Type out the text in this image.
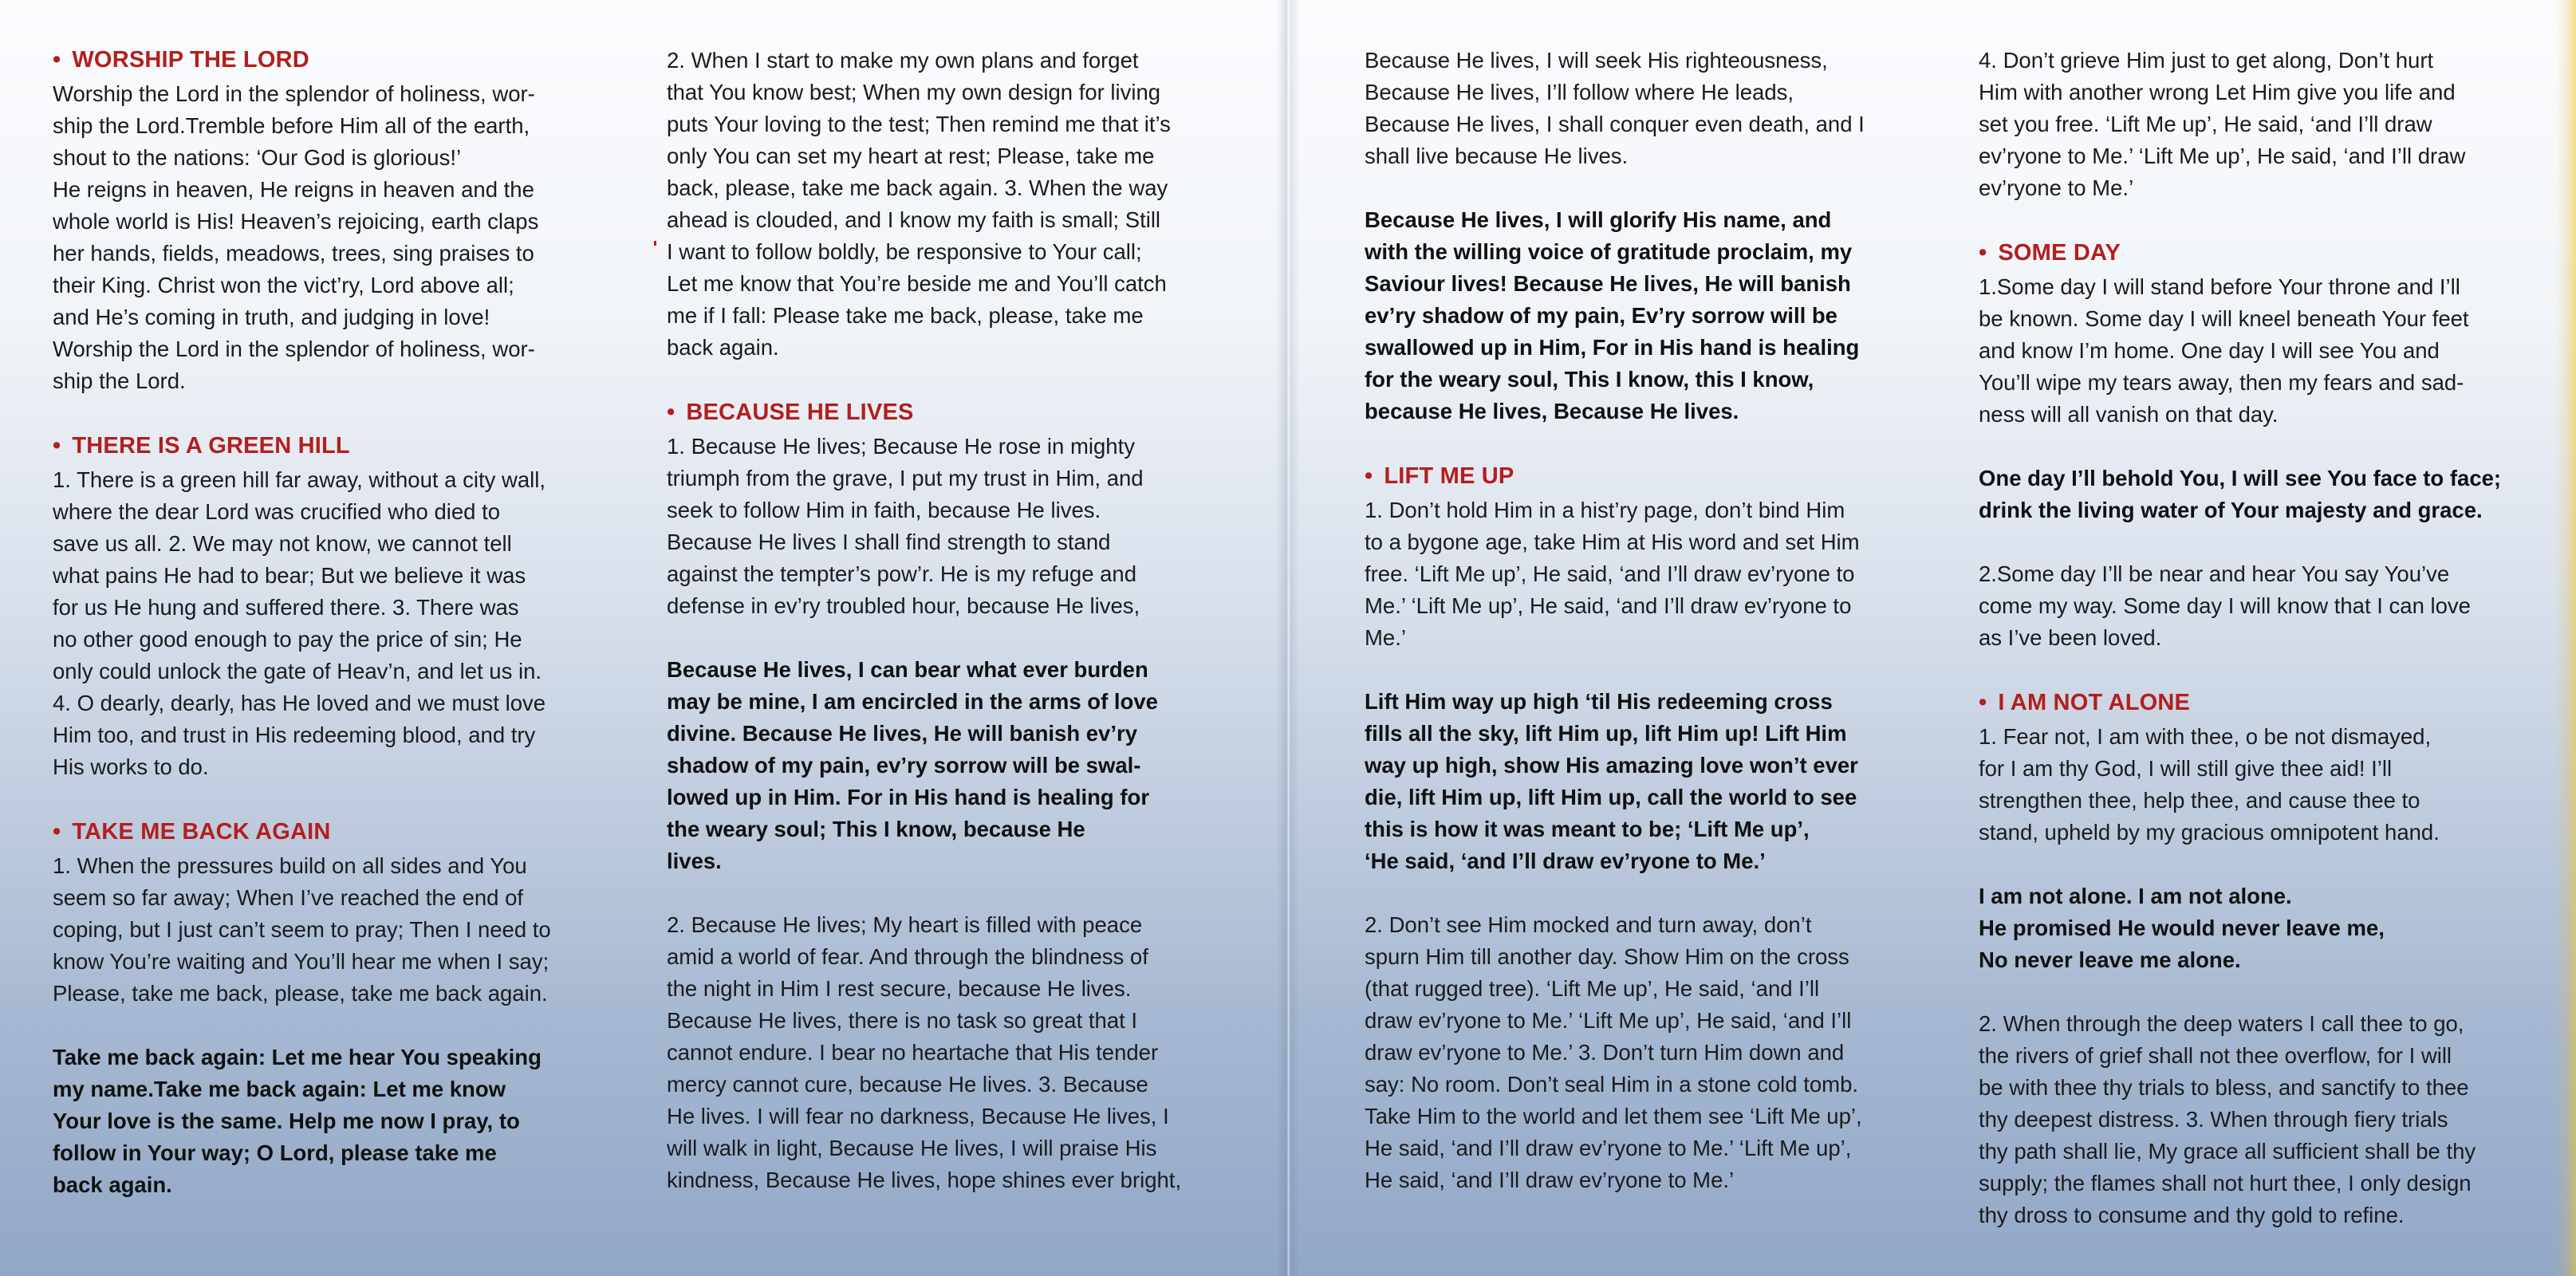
• WORSHIP THE LORD

Worship the Lord in the splendor of holiness, wor-
ship the Lord.Tremble before Him all of the earth,
shout to the nations: ‘Our God is glorious!’
He reigns in heaven, He reigns in heaven and the
whole world is His! Heaven’s rejoicing, earth claps
her hands, fields, meadows, trees, sing praises to
their King. Christ won the vict’ry, Lord above all;
and He’s coming in truth, and judging in love!
Worship the Lord in the splendor of holiness, wor-
ship the Lord.

• THERE IS A GREEN HILL

1. There is a green hill far away, without a city wall,
where the dear Lord was crucified who died to
save us all. 2. We may not know, we cannot tell
what pains He had to bear; But we believe it was
for us He hung and suffered there. 3. There was
no other good enough to pay the price of sin; He
only could unlock the gate of Heav’n, and let us in.
4. O dearly, dearly, has He loved and we must love
Him too, and trust in His redeeming blood, and try
His works to do.

• TAKE ME BACK AGAIN

1. When the pressures build on all sides and You
seem so far away; When I’ve reached the end of
coping, but I just can’t seem to pray; Then I need to
know You’re waiting and You’ll hear me when I say;
Please, take me back, please, take me back again.

Take me back again: Let me hear You speaking
my name.Take me back again: Let me know
Your love is the same. Help me now I pray, to
follow in Your way; O Lord, please take me
back again.

2. When I start to make my own plans and forget
that You know best; When my own design for living
puts Your loving to the test; Then remind me that it’s
only You can set my heart at rest; Please, take me
back, please, take me back again. 3. When the way
ahead is clouded, and I know my faith is small; Still
I want to follow boldly, be responsive to Your call;
Let me know that You’re beside me and You’ll catch
me if I fall: Please take me back, please, take me
back again.

• BECAUSE HE LIVES

1. Because He lives; Because He rose in mighty
triumph from the grave, I put my trust in Him, and
seek to follow Him in faith, because He lives.
Because He lives I shall find strength to stand
against the tempter’s pow’r. He is my refuge and
defense in ev’ry troubled hour, because He lives,

Because He lives, I can bear what ever burden
may be mine, I am encircled in the arms of love
divine. Because He lives, He will banish ev’ry
shadow of my pain, ev’ry sorrow will be swal-
lowed up in Him. For in His hand is healing for
the weary soul; This I know, because He
lives.

2. Because He lives; My heart is filled with peace
amid a world of fear. And through the blindness of
the night in Him I rest secure, because He lives.
Because He lives, there is no task so great that I
cannot endure. I bear no heartache that His tender
mercy cannot cure, because He lives. 3. Because
He lives. I will fear no darkness, Because He lives, I
will walk in light, Because He lives, I will praise His
kindness, Because He lives, hope shines ever bright,

Because He lives, I will seek His righteousness,
Because He lives, I’ll follow where He leads,
Because He lives, I shall conquer even death, and I
shall live because He lives.

Because He lives, I will glorify His name, and
with the willing voice of gratitude proclaim, my
Saviour lives! Because He lives, He will banish
ev’ry shadow of my pain, Ev’ry sorrow will be
swallowed up in Him, For in His hand is healing
for the weary soul, This I know, this I know,
because He lives, Because He lives.

• LIFT ME UP

1. Don’t hold Him in a hist’ry page, don’t bind Him
to a bygone age, take Him at His word and set Him
free. ‘Lift Me up’, He said, ‘and I’ll draw ev’ryone to
Me.’ ‘Lift Me up’, He said, ‘and I’ll draw ev’ryone to
Me.’

Lift Him way up high ‘til His redeeming cross
fills all the sky, lift Him up, lift Him up! Lift Him
way up high, show His amazing love won’t ever
die, lift Him up, lift Him up, call the world to see
this is how it was meant to be; ‘Lift Me up’,
‘He said, ‘and I’ll draw ev’ryone to Me.’

2. Don’t see Him mocked and turn away, don’t
spurn Him till another day. Show Him on the cross
(that rugged tree). ‘Lift Me up’, He said, ‘and I’ll
draw ev’ryone to Me.’ ‘Lift Me up’, He said, ‘and I’ll
draw ev’ryone to Me.’ 3. Don’t turn Him down and
say: No room. Don’t seal Him in a stone cold tomb.
Take Him to the world and let them see ‘Lift Me up’,
He said, ‘and I’ll draw ev’ryone to Me.’ ‘Lift Me up’,
He said, ‘and I’ll draw ev’ryone to Me.’

4. Don’t grieve Him just to get along, Don’t hurt
Him with another wrong Let Him give you life and
set you free. ‘Lift Me up’, He said, ‘and I’ll draw
ev’ryone to Me.’ ‘Lift Me up’, He said, ‘and I’ll draw
ev’ryone to Me.’

• SOME DAY

1.Some day I will stand before Your throne and I’ll
be known. Some day I will kneel beneath Your feet
and know I’m home. One day I will see You and
You’ll wipe my tears away, then my fears and sad-
ness will all vanish on that day.

One day I’ll behold You, I will see You face to face;
drink the living water of Your majesty and grace.

2.Some day I’ll be near and hear You say You’ve
come my way. Some day I will know that I can love
as I’ve been loved.

• I AM NOT ALONE

1. Fear not, I am with thee, o be not dismayed,
for I am thy God, I will still give thee aid! I’ll
strengthen thee, help thee, and cause thee to
stand, upheld by my gracious omnipotent hand.

I am not alone. I am not alone.
He promised He would never leave me,
No never leave me alone.

2. When through the deep waters I call thee to go,
the rivers of grief shall not thee overflow, for I will
be with thee thy trials to bless, and sanctify to thee
thy deepest distress. 3. When through fiery trials
thy path shall lie, My grace all sufficient shall be thy
supply; the flames shall not hurt thee, I only design
thy dross to consume and thy gold to refine.
